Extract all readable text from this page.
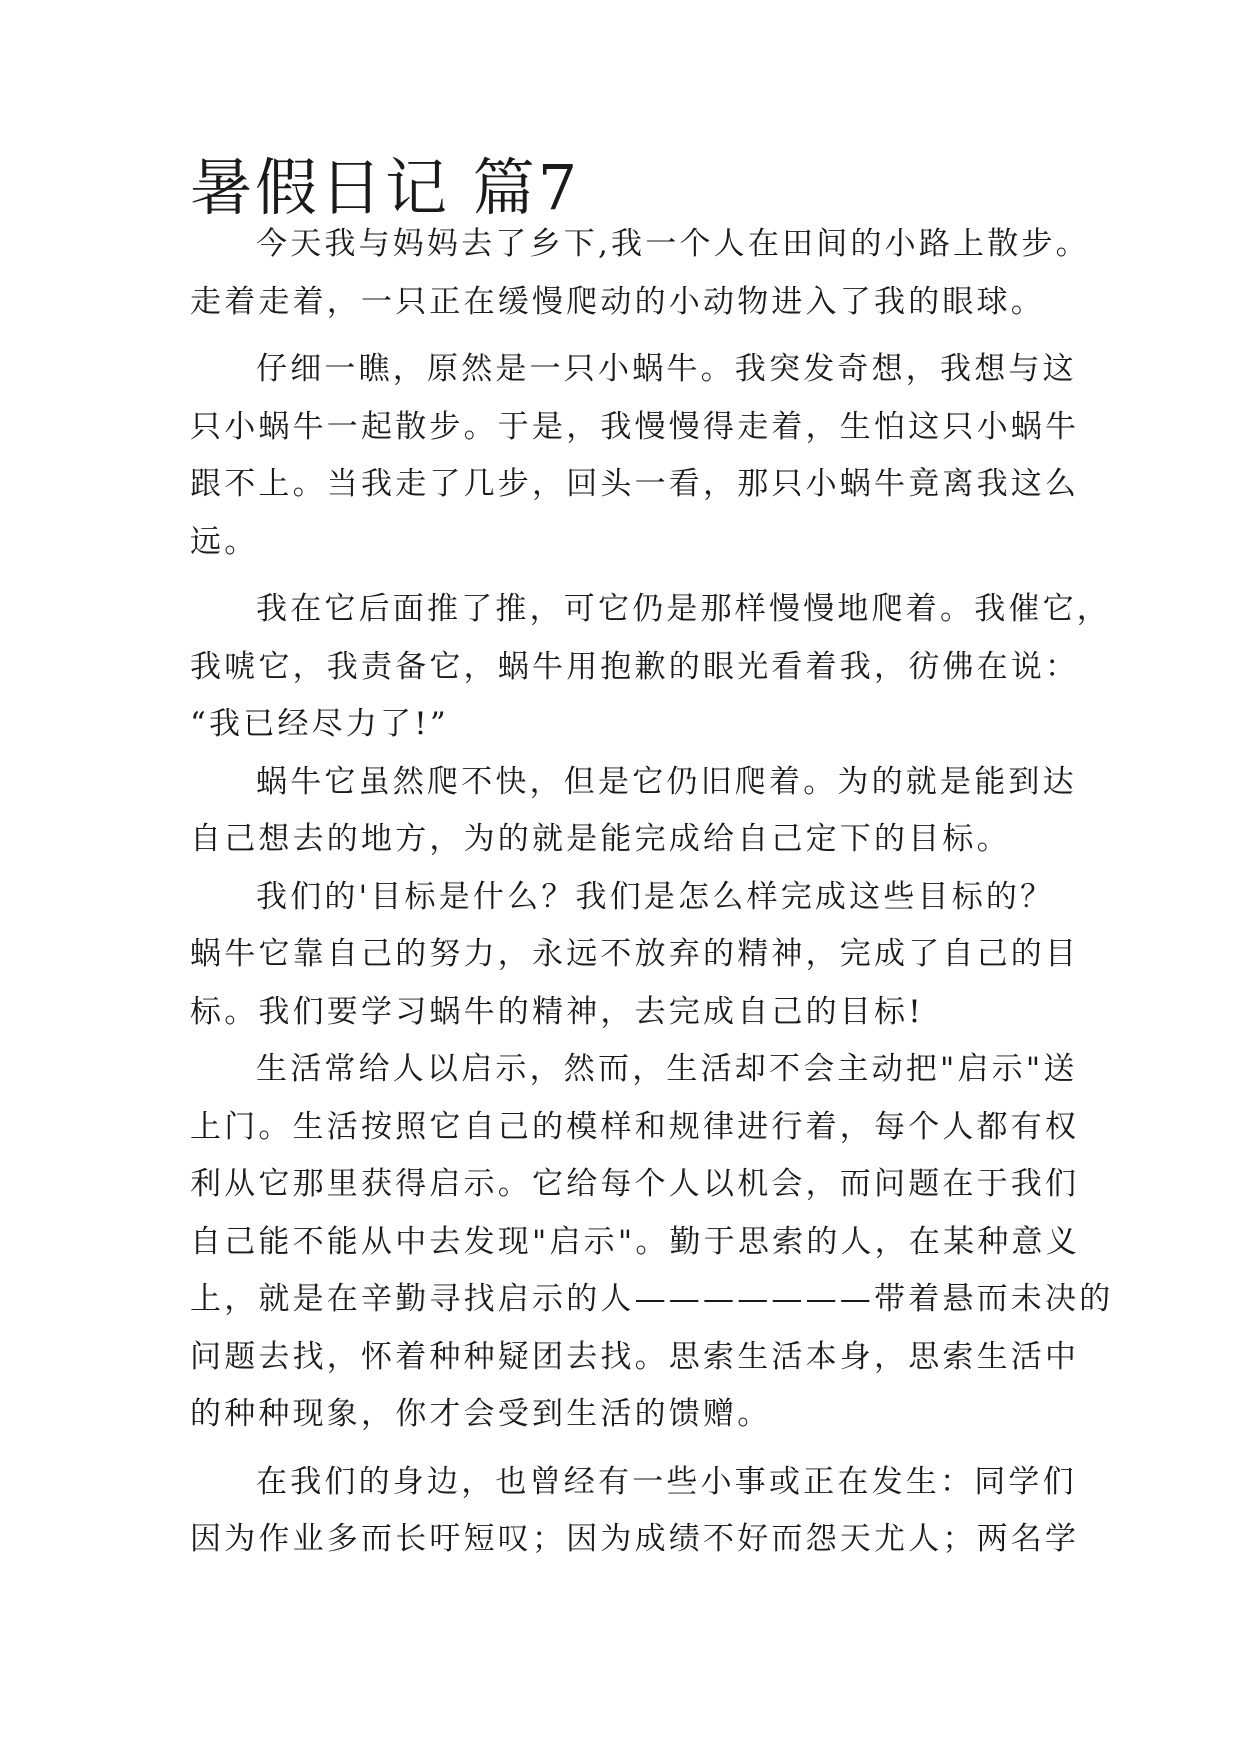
暑假日记 篇7

今天我与妈妈去了乡下,我一个人在田间的小路上散步。

走着走着，一只正在缓慢爬动的小动物进入了我的眼球。

仔细一瞧，原然是一只小蜗牛。我突发奇想，我想与这

只小蜗牛一起散步。于是，我慢慢得走着，生怕这只小蜗牛

跟不上。当我走了几步，回头一看，那只小蜗牛竟离我这么

远。

我在它后面推了推，可它仍是那样慢慢地爬着。我催它，

我唬它，我责备它，蜗牛用抱歉的眼光看着我，彷佛在说：

“我已经尽力了!”

蜗牛它虽然爬不快，但是它仍旧爬着。为的就是能到达

自己想去的地方，为的就是能完成给自己定下的目标。

我们的'目标是什么？我们是怎么样完成这些目标的？

蜗牛它靠自己的努力，永远不放弃的精神，完成了自己的目

标。我们要学习蜗牛的精神，去完成自己的目标!

生活常给人以启示，然而，生活却不会主动把"启示"送

上门。生活按照它自己的模样和规律进行着，每个人都有权

利从它那里获得启示。它给每个人以机会，而问题在于我们

自己能不能从中去发现"启示"。勤于思索的人，在某种意义

上，就是在辛勤寻找启示的人———————带着悬而未决的

问题去找，怀着种种疑团去找。思索生活本身，思索生活中

的种种现象，你才会受到生活的馈赠。

在我们的身边，也曾经有一些小事或正在发生：同学们

因为作业多而长吁短叹；因为成绩不好而怨天尤人；两名学
